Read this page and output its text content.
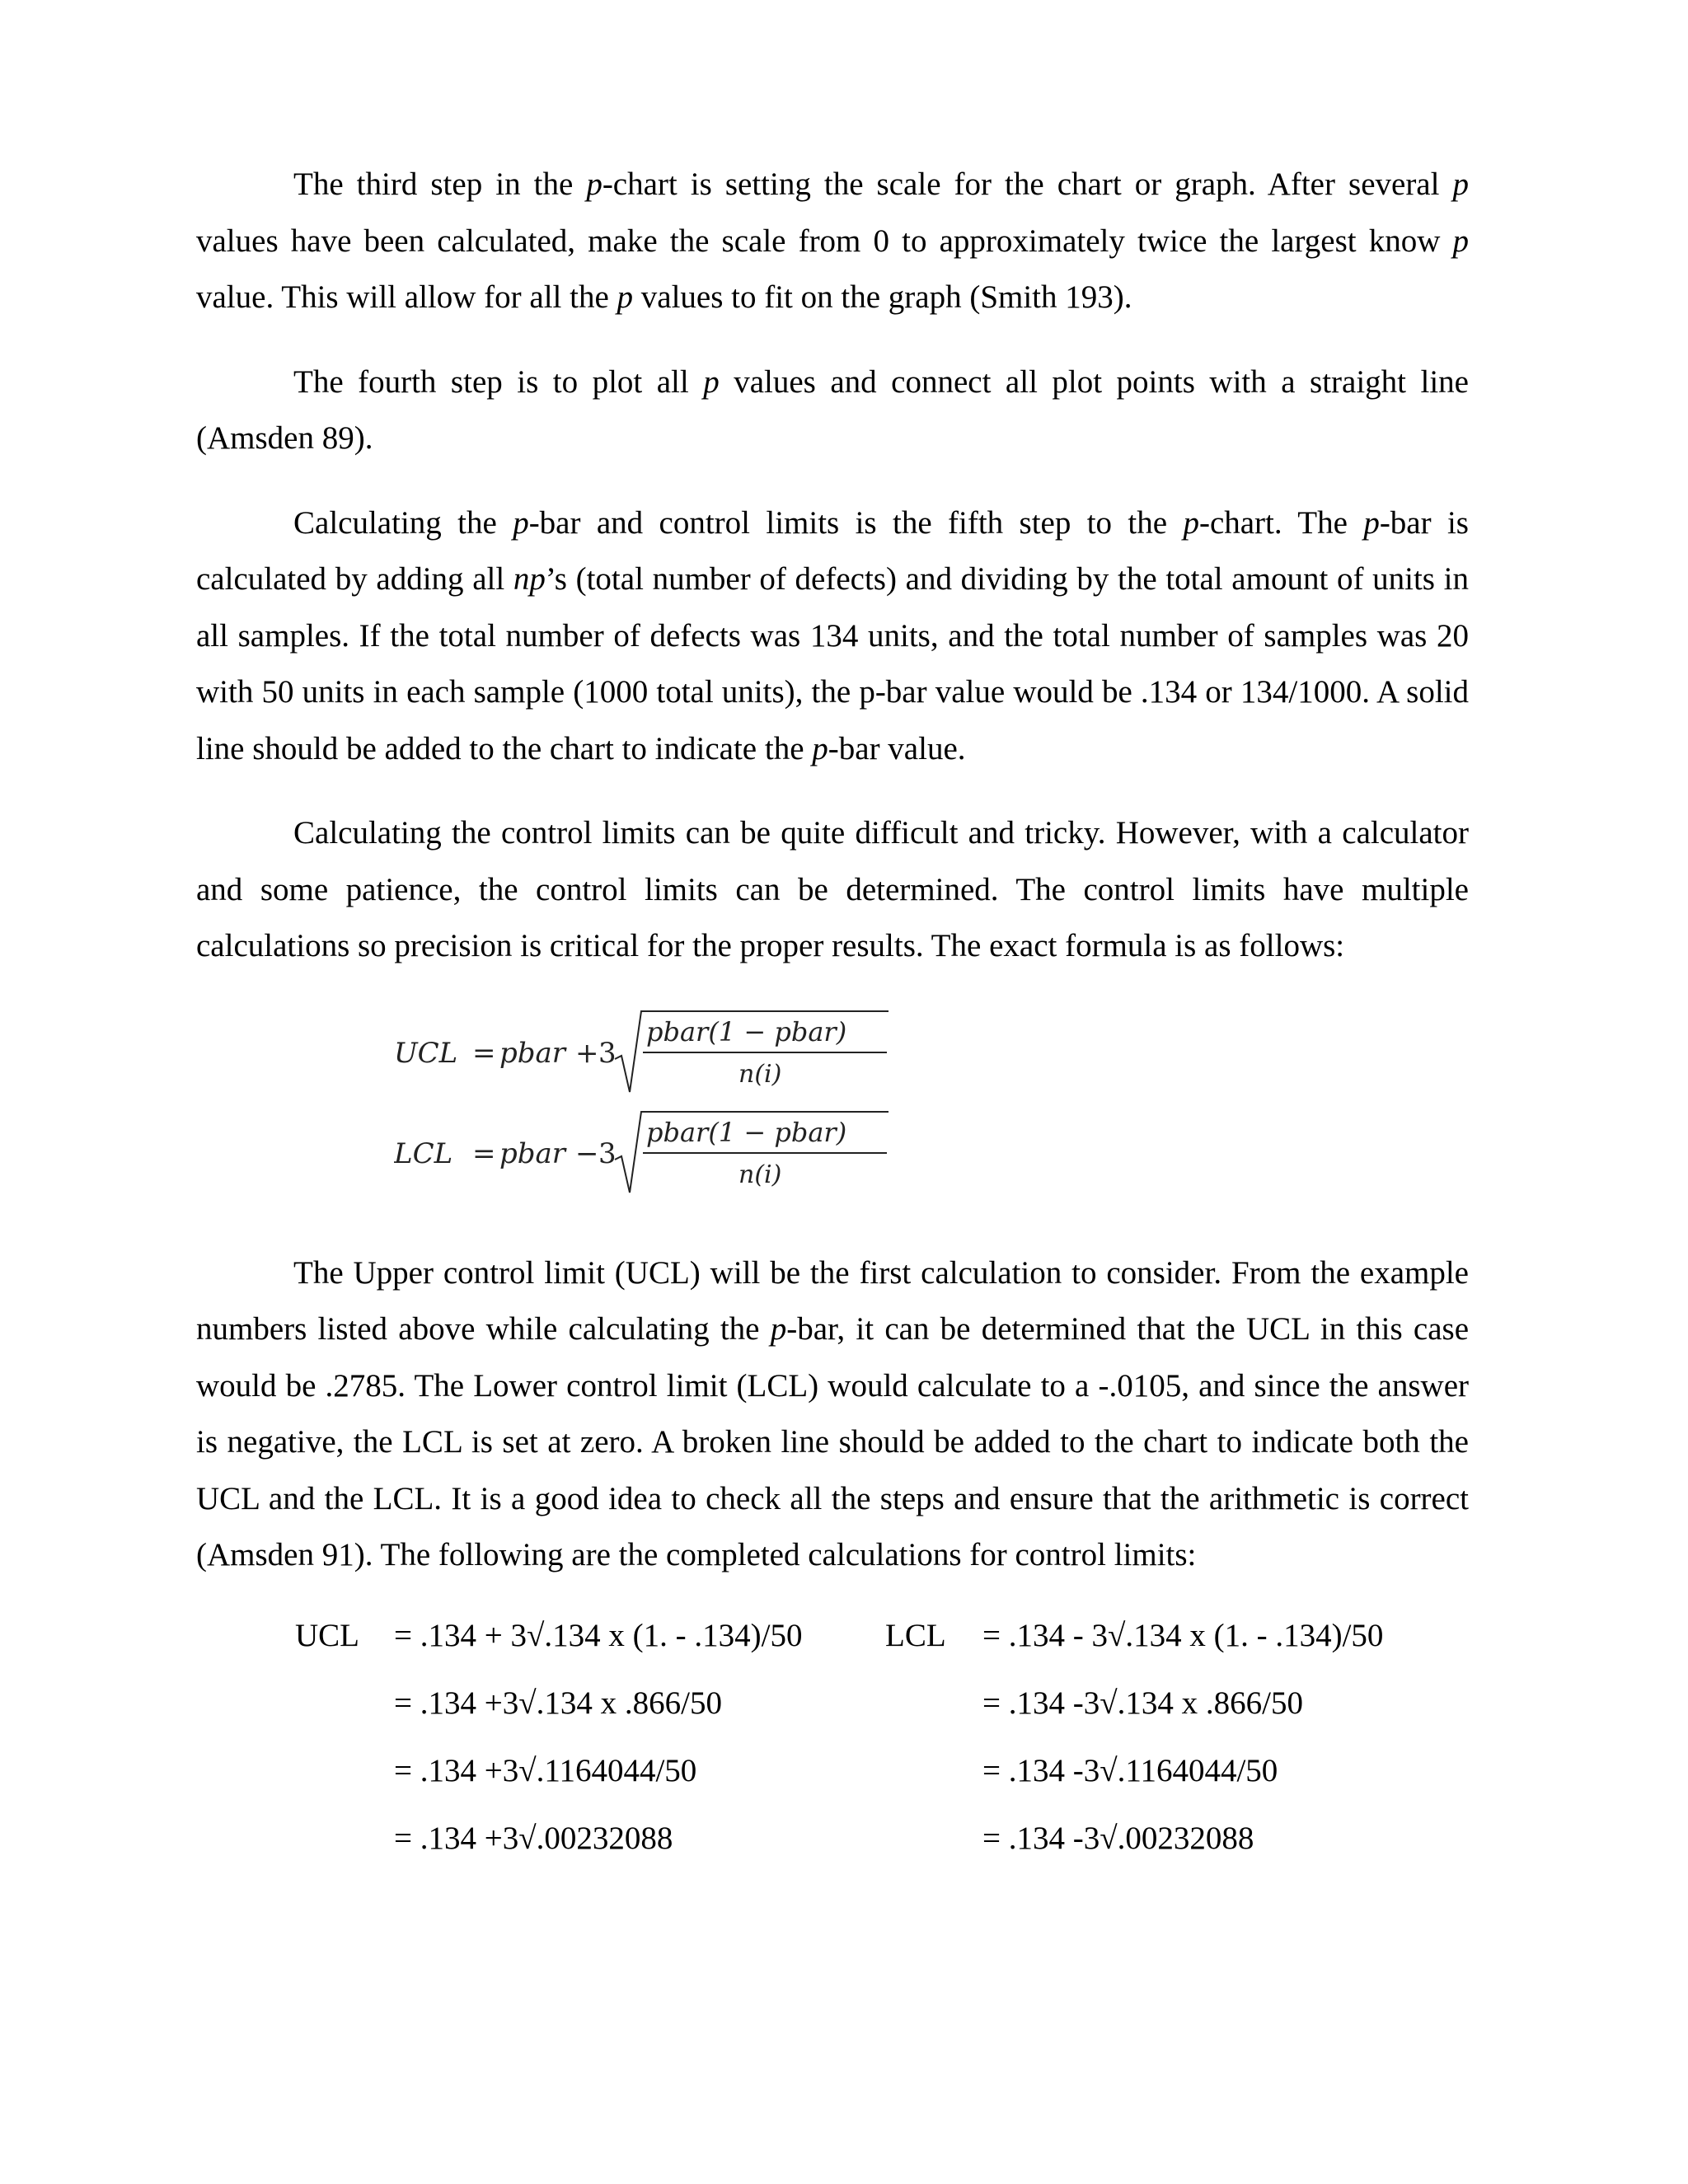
The third step in the p-chart is setting the scale for the chart or graph. After several p values have been calculated, make the scale from 0 to approximately twice the largest know p value. This will allow for all the p values to fit on the graph (Smith 193).

The fourth step is to plot all p values and connect all plot points with a straight line (Amsden 89).

Calculating the p-bar and control limits is the fifth step to the p-chart. The p-bar is calculated by adding all np’s (total number of defects) and dividing by the total amount of units in all samples. If the total number of defects was 134 units, and the total number of samples was 20 with 50 units in each sample (1000 total units), the p-bar value would be .134 or 134/1000. A solid line should be added to the chart to indicate the p-bar value.

Calculating the control limits can be quite difficult and tricky. However, with a calculator and some patience, the control limits can be determined. The control limits have multiple calculations so precision is critical for the proper results. The exact formula is as follows:

UCL = pbar + 3
pbar(1 − pbar)
n(i)
LCL = pbar − 3
pbar(1 − pbar)
n(i)

The Upper control limit (UCL) will be the first calculation to consider. From the example numbers listed above while calculating the p-bar, it can be determined that the UCL in this case would be .2785. The Lower control limit (LCL) would calculate to a -.0105, and since the answer is negative, the LCL is set at zero. A broken line should be added to the chart to indicate both the UCL and the LCL. It is a good idea to check all the steps and ensure that the arithmetic is correct (Amsden 91). The following are the completed calculations for control limits:

UCL = .134 + 3√.134 x (1. - .134)/50
= .134 +3√.134 x .866/50
= .134 +3√.1164044/50
= .134 +3√.00232088
LCL = .134 - 3√.134 x (1. - .134)/50
= .134 -3√.134 x .866/50
= .134 -3√.1164044/50
= .134 -3√.00232088
